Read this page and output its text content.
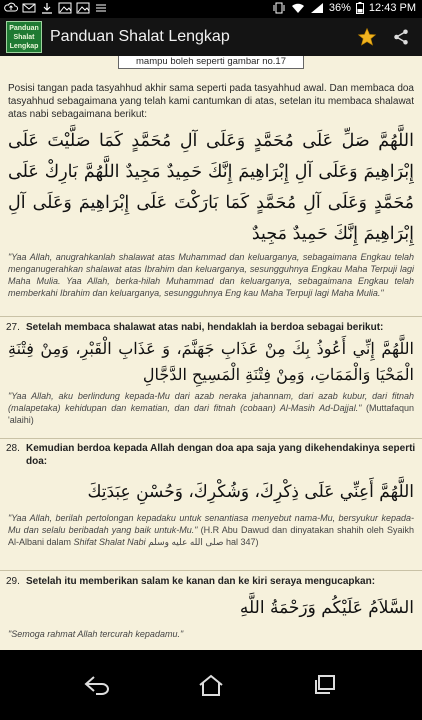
36% 12:43 PM
Panduan
Shalat
Lengkap
Panduan Shalat Lengkap
mampu boleh seperti gambar no.17
Posisi tangan pada tasyahhud akhir sama seperti pada tasyahhud awal. Dan membaca doa tasyahhud sebagaimana yang telah kami cantumkan di atas, setelan itu membaca shalawat atas nabi sebagaimana berikut:
اللَّهُمَّ صَلِّ عَلَى مُحَمَّدٍ وَعَلَى آلِ مُحَمَّدٍ كَمَا صَلَّيْتَ عَلَى إِبْرَاهِيمَ وَعَلَى آلِ إِبْرَاهِيمَ إِنَّكَ حَمِيدٌ مَجِيدٌ اللَّهُمَّ بَارِكْ عَلَى مُحَمَّدٍ وَعَلَى آلِ مُحَمَّدٍ كَمَا بَارَكْتَ عَلَى إِبْرَاهِيمَ وَعَلَى آلِ إِبْرَاهِيمَ إِنَّكَ حَمِيدٌ مَجِيدٌ
"Yaa Allah, anugrahkanlah shalawat atas Muhammad dan keluarganya, sebagaimana Engkau telah menganugerahkan shalawat atas Ibrahim dan keluarganya, sesungguhnya Engkau Maha Terpuji lagi Maha Mulia. Yaa Allah, berka-hilah Muhammad dan keluarganya, sebagaimana Engkau telah memberkahi Ibrahim dan keluarganya, sesungguhnya Eng kau Maha Terpuji lagi Maha Mulia."
27. Setelah membaca shalawat atas nabi, hendaklah ia berdoa sebagai berikut:
اللَّهُمَّ إِنِّي أَعُوذُ بِكَ مِنْ عَذَابِ جَهَنَّمَ، وَ عَذَابِ الْقَبْرِ، وَمِنْ فِتْنَةِ الْمَحْيَا وَالْمَمَاتِ، وَمِنْ فِتْنَةِ الْمَسِيحِ الدَّجَّالِ
"Yaa Allah, aku berlindung kepada-Mu dari azab neraka jahannam, dari azab kubur, dari fitnah (malapetaka) kehidupan dan kematian, dan dari fitnah (cobaan) Al-Masih Ad-Dajjal." (Muttafaqun 'alaihi)
28. Kemudian berdoa kepada Allah dengan doa apa saja yang dikehendakinya seperti doa:
اللَّهُمَّ أَعِنِّي عَلَى ذِكْرِكَ، وَشُكْرِكَ، وَحُسْنِ عِبَدَتِكَ
"Yaa Allah, berilah pertolongan kepadaku untuk senantiasa menyebut nama-Mu, bersyukur kepada-Mu dan selalu beribadah yang baik untuk-Mu." (H.R Abu Dawud dan dinyatakan shahih oleh Syaikh Al-Albani dalam Shifat Shalat Nabi صلى الله عليه وسلم hal 347)
29. Setelah itu memberikan salam ke kanan dan ke kiri seraya mengucapkan:
السَّلاَمُ عَلَيْكُم وَرَحْمَةُ اللَّهِ
"Semoga rahmat Allah tercurah kepadamu."
